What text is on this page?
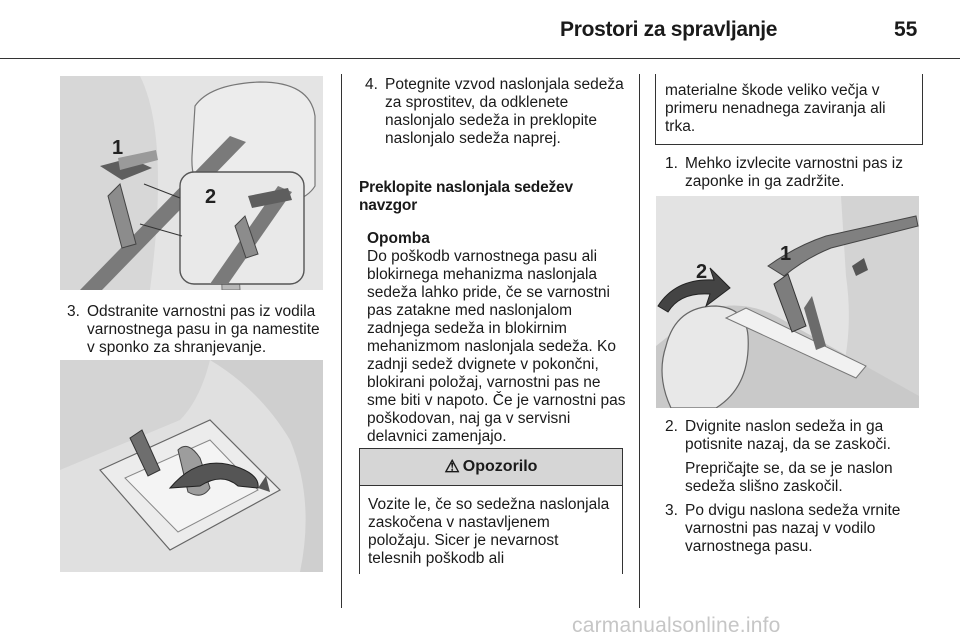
Prostori za spravljanje	55
1
2
3. Odstranite varnostni pas iz vodila varnostnega pasu in ga namestite v sponko za shranjevanje.
4. Potegnite vzvod naslonjala sedeža za sprostitev, da odklenete naslonjalo sedeža in preklopite naslonjalo sedeža naprej.
Preklopite naslonjala sedežev navzgor
Opomba
Do poškodb varnostnega pasu ali blokirnega mehanizma naslonjala sedeža lahko pride, če se varnostni pas zatakne med naslonjalom zadnjega sedeža in blokirnim mehanizmom naslonjala sedeža. Ko zadnji sedež dvignete v pokončni, blokirani položaj, varnostni pas ne sme biti v napoto. Če je varnostni pas poškodovan, naj ga v servisni delavnici zamenjajo.
⚠ Opozorilo
Vozite le, če so sedežna naslonjala zaskočena v nastavljenem položaju. Sicer je nevarnost telesnih poškodb ali
materialne škode veliko večja v primeru nenadnega zaviranja ali trka.
1. Mehko izvlecite varnostni pas iz zaponke in ga zadržite.
2
1
2. Dvignite naslon sedeža in ga potisnite nazaj, da se zaskoči.
Prepričajte se, da se je naslon sedeža slišno zaskočil.
3. Po dvigu naslona sedeža vrnite varnostni pas nazaj v vodilo varnostnega pasu.
carmanualsonline.info
